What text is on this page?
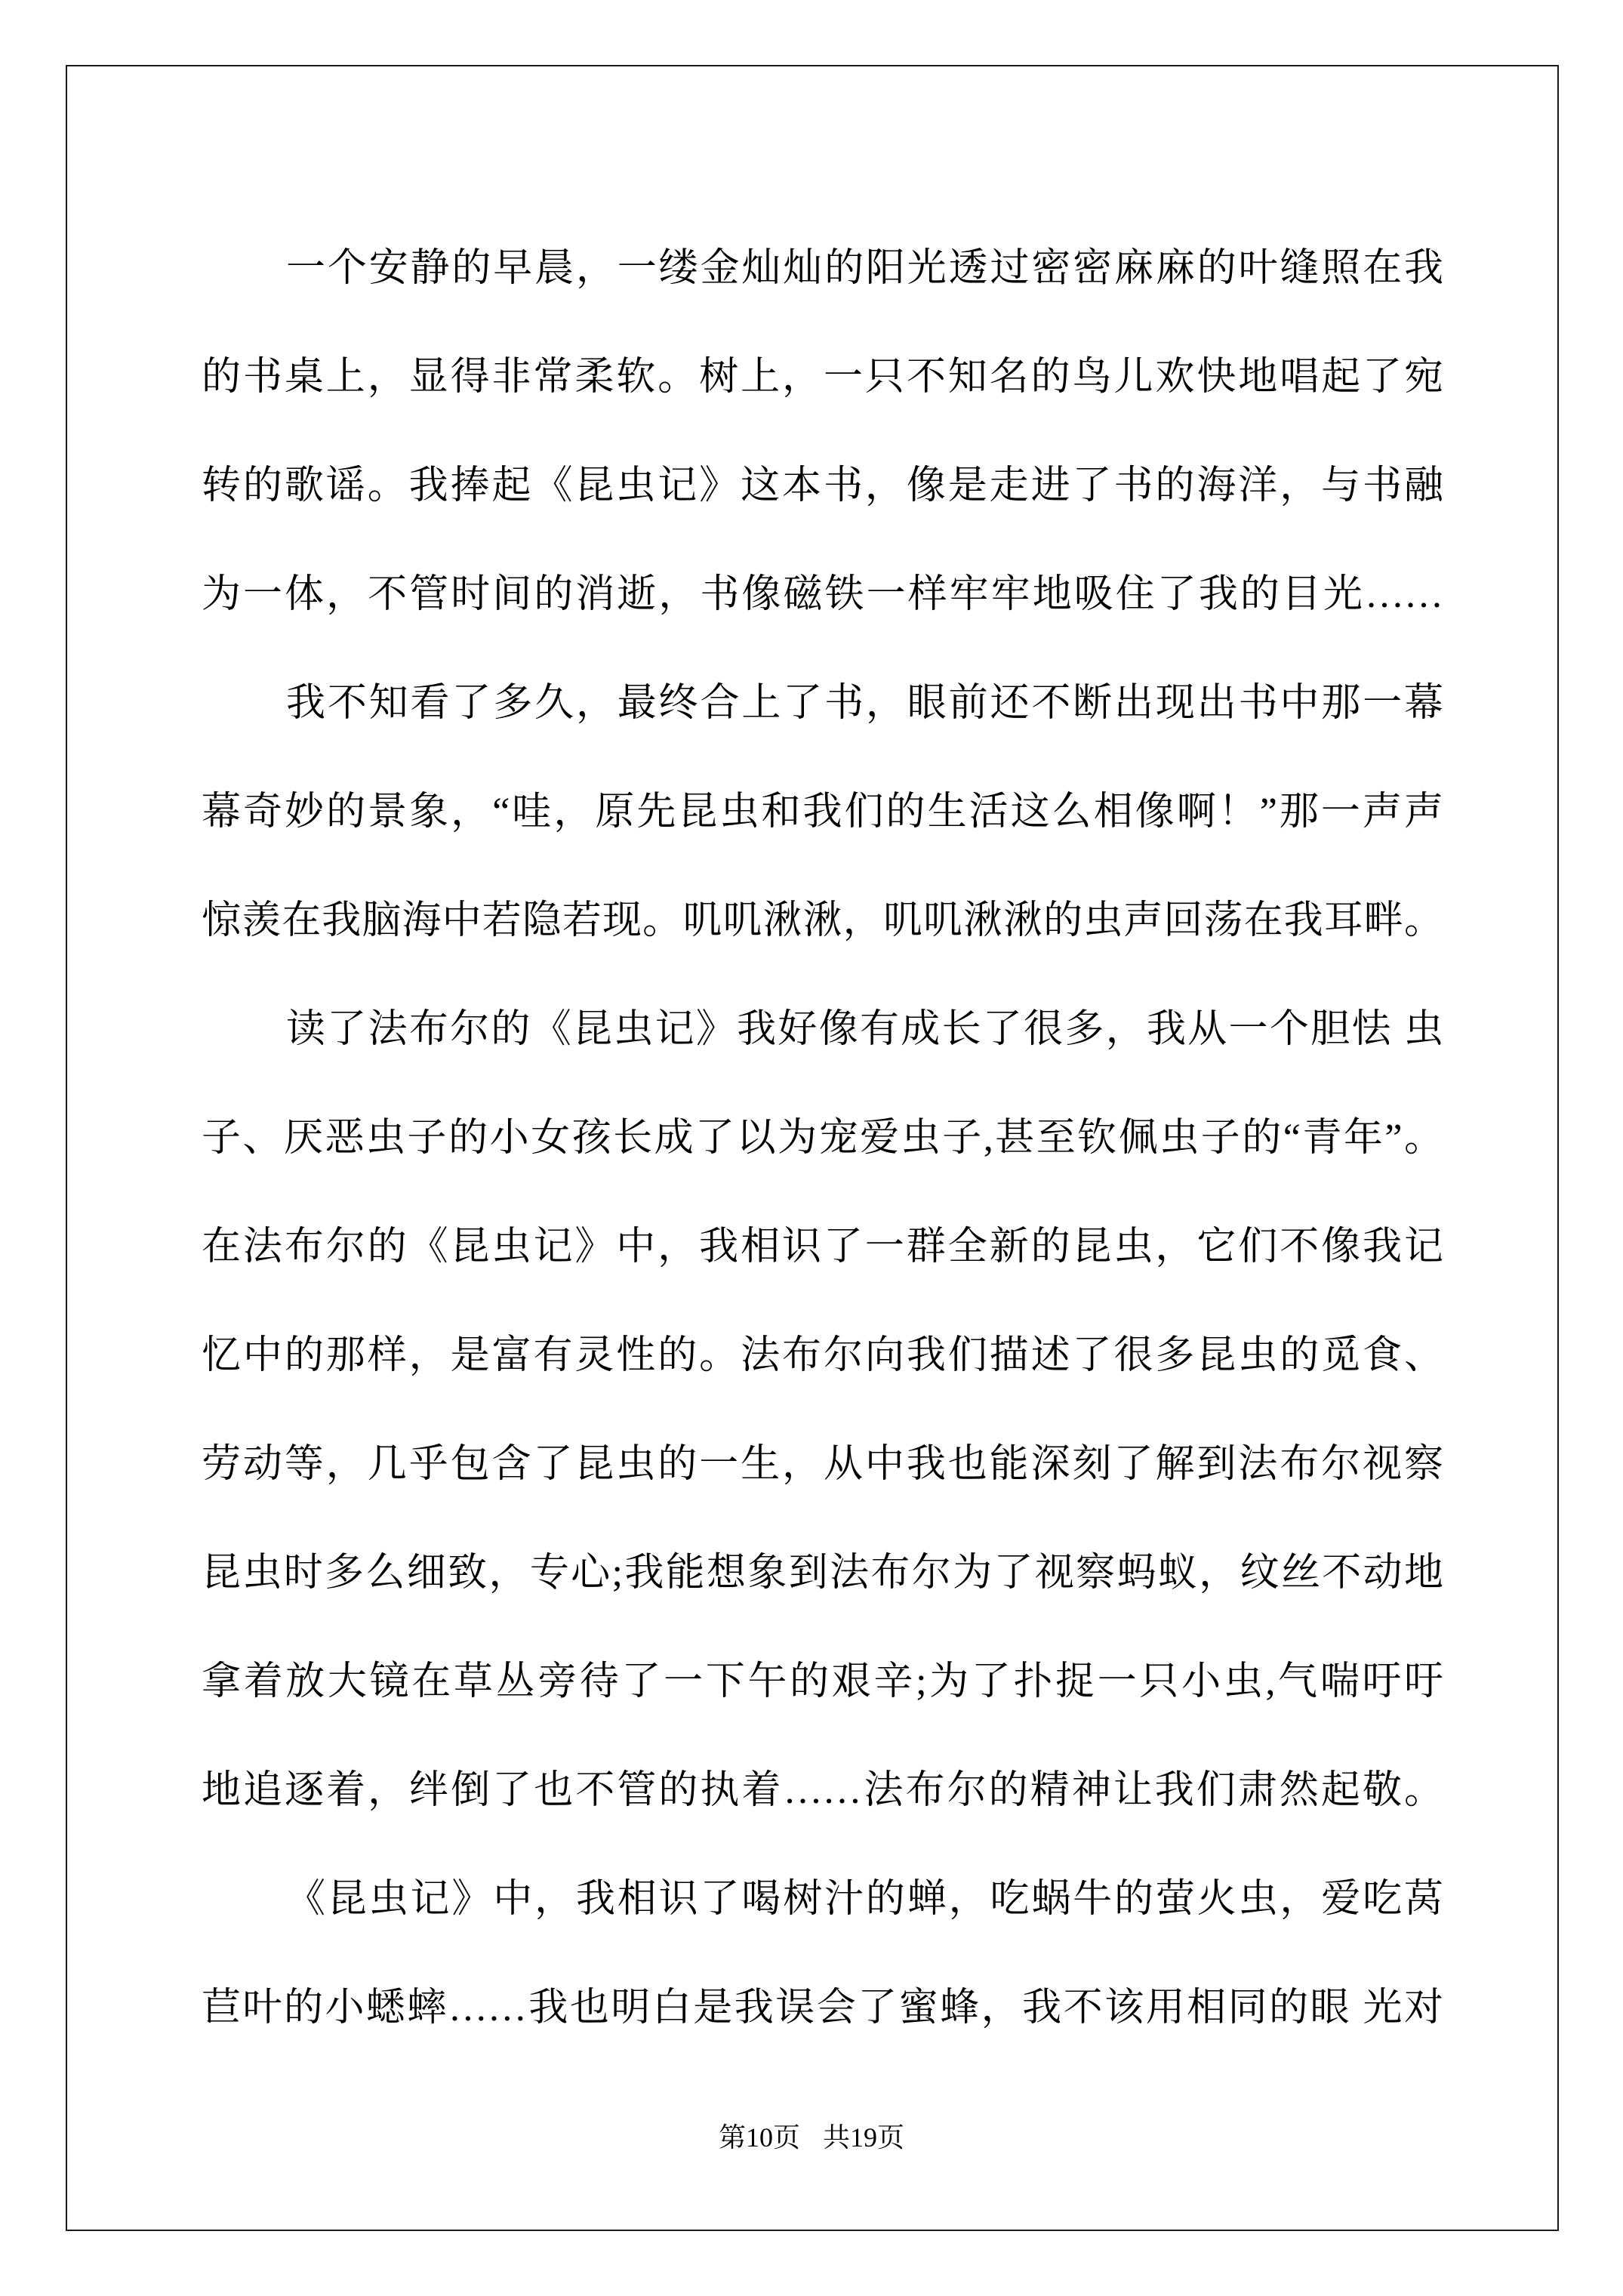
一个安静的早晨，一缕金灿灿的阳光透过密密麻麻的叶缝照在我
的书桌上，显得非常柔软。树上，一只不知名的鸟儿欢快地唱起了宛
转的歌谣。我捧起《昆虫记》这本书，像是走进了书的海洋，与书融
为一体，不管时间的消逝，书像磁铁一样牢牢地吸住了我的目光……
我不知看了多久，最终合上了书，眼前还不断出现出书中那一幕
幕奇妙的景象，“哇，原先昆虫和我们的生活这么相像啊！”那一声声
惊羡在我脑海中若隐若现。叽叽湫湫，叽叽湫湫的虫声回荡在我耳畔。
读了法布尔的《昆虫记》我好像有成长了很多，我从一个胆怯 虫
子、厌恶虫子的小女孩长成了以为宠爱虫子,甚至钦佩虫子的“青年”。
在法布尔的《昆虫记》中，我相识了一群全新的昆虫，它们不像我记
忆中的那样，是富有灵性的。法布尔向我们描述了很多昆虫的觅食、
劳动等，几乎包含了昆虫的一生，从中我也能深刻了解到法布尔视察
昆虫时多么细致，专心;我能想象到法布尔为了视察蚂蚁，纹丝不动地
拿着放大镜在草丛旁待了一下午的艰辛;为了扑捉一只小虫,气喘吁吁
地追逐着，绊倒了也不管的执着……法布尔的精神让我们肃然起敬。
《昆虫记》中，我相识了喝树汁的蝉，吃蜗牛的萤火虫，爱吃莴
苣叶的小蟋蟀……我也明白是我误会了蜜蜂，我不该用相同的眼 光对
第10页 共19页
